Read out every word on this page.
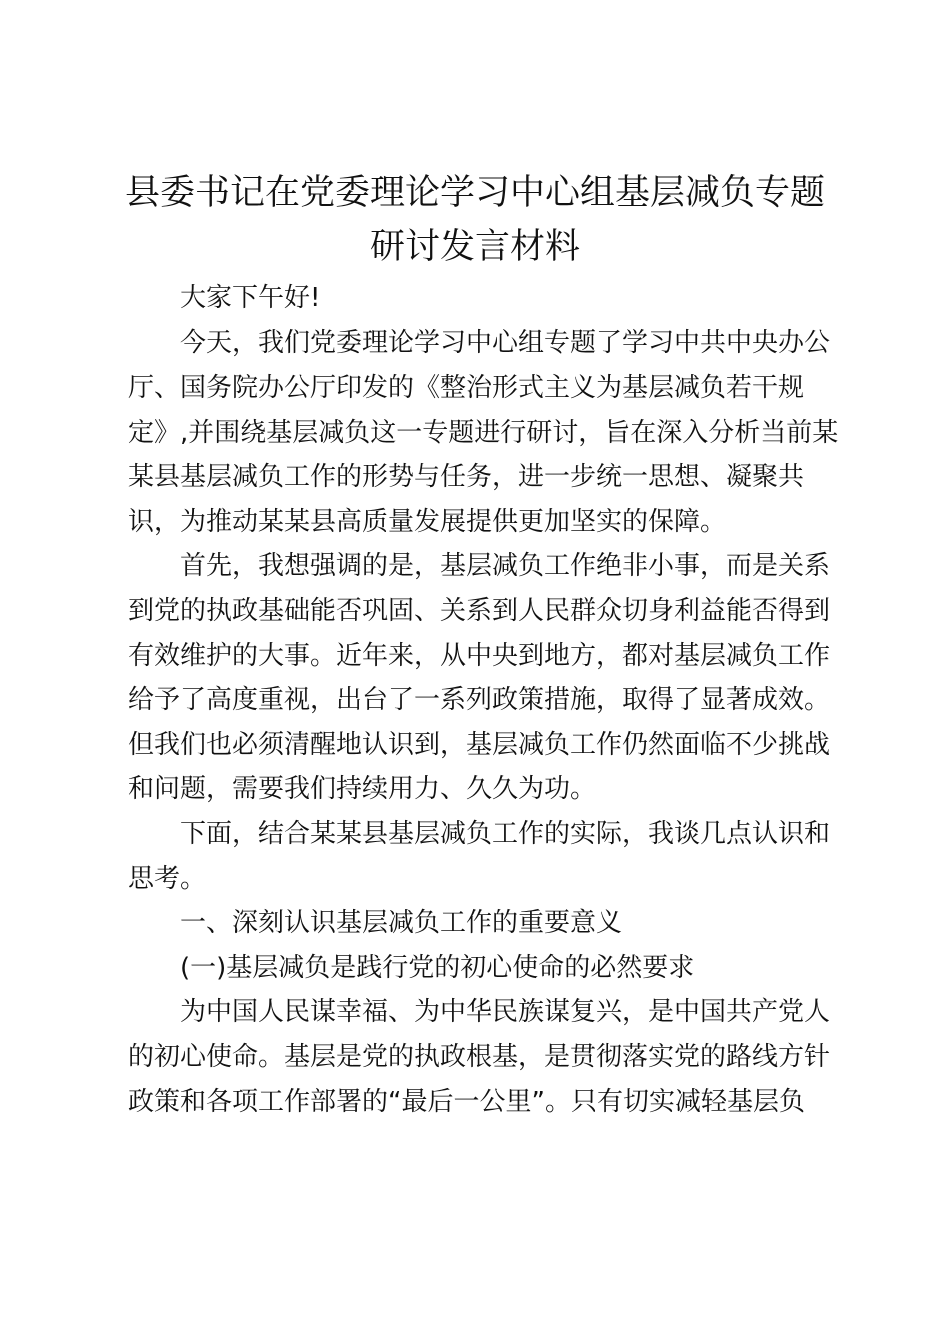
县委书记在党委理论学习中心组基层减负专题
研讨发言材料
大家下午好!
今天，我们党委理论学习中心组专题了学习中共中央办公
厅、国务院办公厅印发的《整治形式主义为基层减负若干规
定》,并围绕基层减负这一专题进行研讨，旨在深入分析当前某
某县基层减负工作的形势与任务，进一步统一思想、凝聚共
识，为推动某某县高质量发展提供更加坚实的保障。
首先，我想强调的是，基层减负工作绝非小事，而是关系
到党的执政基础能否巩固、关系到人民群众切身利益能否得到
有效维护的大事。近年来，从中央到地方，都对基层减负工作
给予了高度重视，出台了一系列政策措施，取得了显著成效。
但我们也必须清醒地认识到，基层减负工作仍然面临不少挑战
和问题，需要我们持续用力、久久为功。
下面，结合某某县基层减负工作的实际，我谈几点认识和
思考。
一、深刻认识基层减负工作的重要意义
(一)基层减负是践行党的初心使命的必然要求
为中国人民谋幸福、为中华民族谋复兴，是中国共产党人
的初心使命。基层是党的执政根基，是贯彻落实党的路线方针
政策和各项工作部署的“最后一公里”。只有切实减轻基层负
